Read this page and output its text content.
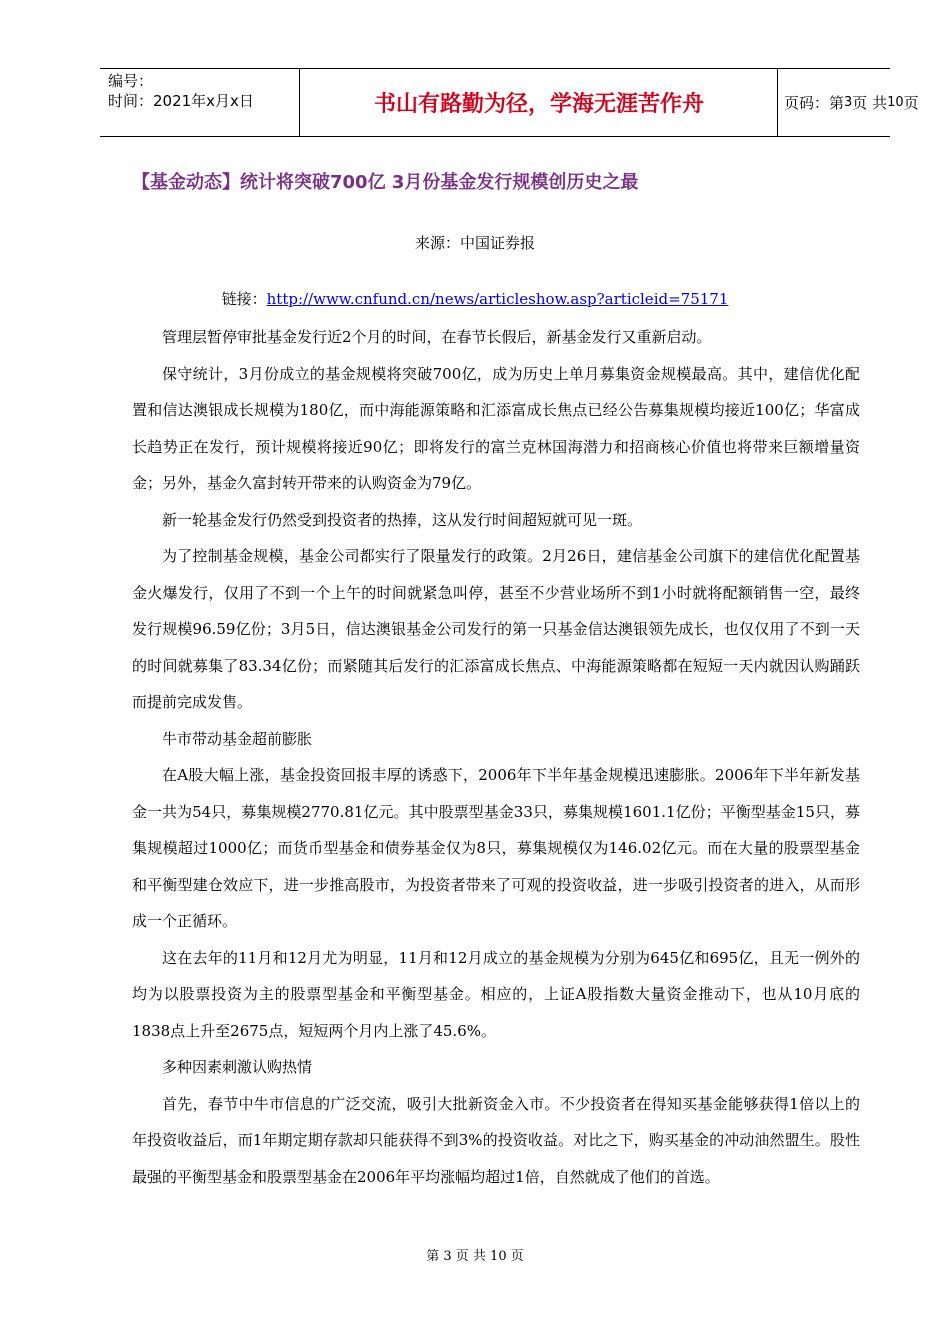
编号：
时间：2021年x月x日	书山有路勤为径，学海无涯苦作舟	页码：第 3 页 共 10 页
【基金动态】统计将突破700亿 3月份基金发行规模创历史之最
来源：中国证券报
链接：http://www.cnfund.cn/news/articleshow.asp?articleid=75171

管理层暂停审批基金发行近2个月的时间，在春节长假后，新基金发行又重新启动。

保守统计，3月份成立的基金规模将突破700亿，成为历史上单月募集资金规模最高。其中，建信优化配置和信达澳银成长规模为180亿，而中海能源策略和汇添富成长焦点已经公告募集规模均接近100亿；华富成长趋势正在发行，预计规模将接近90亿；即将发行的富兰克林国海潜力和招商核心价值也将带来巨额增量资金；另外，基金久富封转开带来的认购资金为79亿。

新一轮基金发行仍然受到投资者的热捧，这从发行时间超短就可见一斑。

为了控制基金规模，基金公司都实行了限量发行的政策。2月26日，建信基金公司旗下的建信优化配置基金火爆发行，仅用了不到一个上午的时间就紧急叫停，甚至不少营业场所不到1小时就将配额销售一空，最终发行规模96.59亿份；3月5日，信达澳银基金公司发行的第一只基金信达澳银领先成长，也仅仅用了不到一天的时间就募集了83.34亿份；而紧随其后发行的汇添富成长焦点、中海能源策略都在短短一天内就因认购踊跃而提前完成发售。

牛市带动基金超前膨胀

在A股大幅上涨，基金投资回报丰厚的诱惑下，2006年下半年基金规模迅速膨胀。2006年下半年新发基金一共为54只，募集规模2770.81亿元。其中股票型基金33只，募集规模1601.1亿份；平衡型基金15只，募集规模超过1000亿；而货币型基金和债券基金仅为8只，募集规模仅为146.02亿元。而在大量的股票型基金和平衡型建仓效应下，进一步推高股市，为投资者带来了可观的投资收益，进一步吸引投资者的进入，从而形成一个正循环。

这在去年的11月和12月尤为明显，11月和12月成立的基金规模为分别为645亿和695亿，且无一例外的均为以股票投资为主的股票型基金和平衡型基金。相应的，上证A股指数大量资金推动下，也从10月底的1838点上升至2675点，短短两个月内上涨了45.6%。

多种因素刺激认购热情

首先，春节中牛市信息的广泛交流，吸引大批新资金入市。不少投资者在得知买基金能够获得1倍以上的年投资收益后，而1年期定期存款却只能获得不到3%的投资收益。对比之下，购买基金的冲动油然盟生。股性最强的平衡型基金和股票型基金在2006年平均涨幅均超过1倍，自然就成了他们的首选。

第 3 页 共 10 页
